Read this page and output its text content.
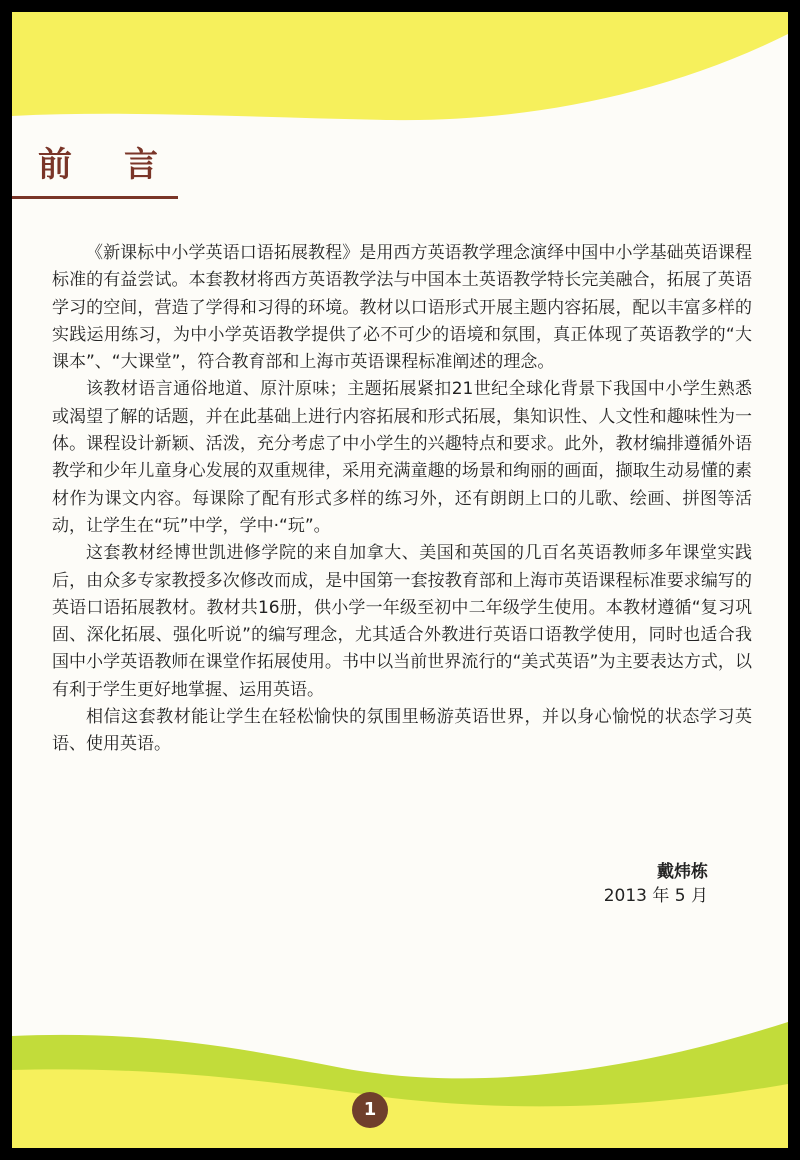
前言

《新课标中小学英语口语拓展教程》是用西方英语教学理念演绎中国中小学基础英语课程标准的有益尝试。本套教材将西方英语教学法与中国本土英语教学特长完美融合，拓展了英语学习的空间，营造了学得和习得的环境。教材以口语形式开展主题内容拓展，配以丰富多样的实践运用练习，为中小学英语教学提供了必不可少的语境和氛围，真正体现了英语教学的“大课本”、“大课堂”，符合教育部和上海市英语课程标准阐述的理念。

该教材语言通俗地道、原汁原味；主题拓展紧扣21世纪全球化背景下我国中小学生熟悉或渴望了解的话题，并在此基础上进行内容拓展和形式拓展，集知识性、人文性和趣味性为一体。课程设计新颖、活泼，充分考虑了中小学生的兴趣特点和要求。此外，教材编排遵循外语教学和少年儿童身心发展的双重规律，采用充满童趣的场景和绚丽的画面，撷取生动易懂的素材作为课文内容。每课除了配有形式多样的练习外，还有朗朗上口的儿歌、绘画、拼图等活动，让学生在“玩”中学，学中·“玩”。

这套教材经博世凯进修学院的来自加拿大、美国和英国的几百名英语教师多年课堂实践后，由众多专家教授多次修改而成，是中国第一套按教育部和上海市英语课程标准要求编写的英语口语拓展教材。教材共16册，供小学一年级至初中二年级学生使用。本教材遵循“复习巩固、深化拓展、强化听说”的编写理念，尤其适合外教进行英语口语教学使用，同时也适合我国中小学英语教师在课堂作拓展使用。书中以当前世界流行的“美式英语”为主要表达方式，以有利于学生更好地掌握、运用英语。

相信这套教材能让学生在轻松愉快的氛围里畅游英语世界，并以身心愉悦的状态学习英语、使用英语。

戴炜栋
2013 年 5 月
1
